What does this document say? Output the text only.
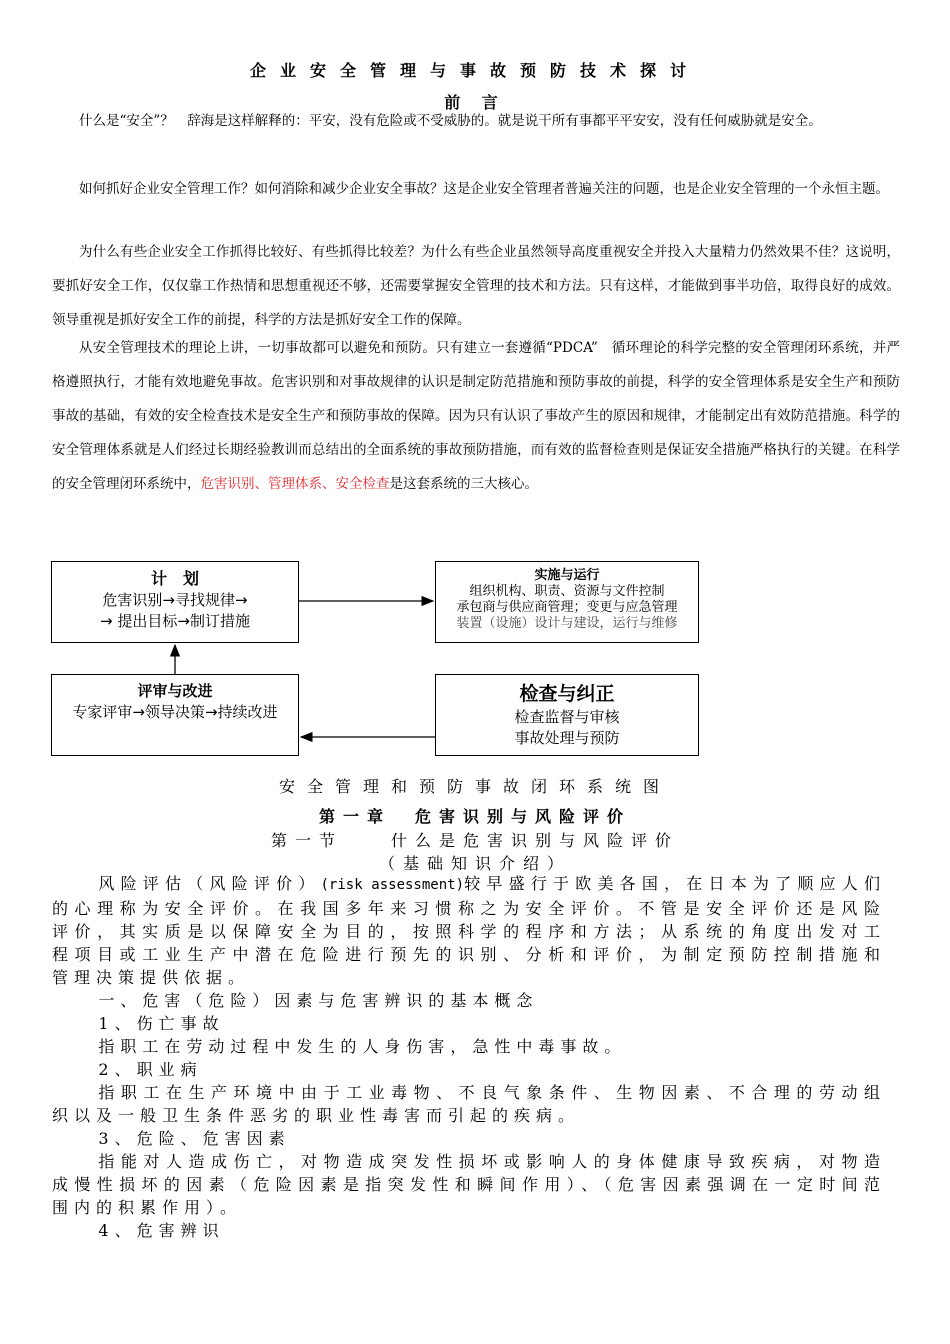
企业安全管理与事故预防技术探讨
前 言

什么是“安全”？　辞海是这样解释的：平安，没有危险或不受威胁的。就是说干所有事都平平安安，没有任何威胁就是安全。

如何抓好企业安全管理工作？如何消除和减少企业安全事故？这是企业安全管理者普遍关注的问题，也是企业安全管理的一个永恒主题。

为什么有些企业安全工作抓得比较好、有些抓得比较差？为什么有些企业虽然领导高度重视安全并投入大量精力仍然效果不佳？这说明，要抓好安全工作，仅仅靠工作热情和思想重视还不够，还需要掌握安全管理的技术和方法。只有这样，才能做到事半功倍，取得良好的成效。领导重视是抓好安全工作的前提，科学的方法是抓好安全工作的保障。

从安全管理技术的理论上讲，一切事故都可以避免和预防。只有建立一套遵循“PDCA”　循环理论的科学完整的安全管理闭环系统，并严格遵照执行，才能有效地避免事故。危害识别和对事故规律的认识是制定防范措施和预防事故的前提，科学的安全管理体系是安全生产和预防事故的基础，有效的安全检查技术是安全生产和预防事故的保障。因为只有认识了事故产生的原因和规律，才能制定出有效防范措施。科学的安全管理体系就是人们经过长期经验教训而总结出的全面系统的事故预防措施，而有效的监督检查则是保证安全措施严格执行的关键。在科学的安全管理闭环系统中，危害识别、管理体系、安全检查是这套系统的三大核心。

计　划
危害识别→寻找规律→
→ 提出目标→制订措施
实施与运行
组织机构、职责、资源与文件控制
承包商与供应商管理；变更与应急管理
装置（设施）设计与建设，运行与维修
评审与改进
专家评审→领导决策→持续改进
检查与纠正
检查监督与审核
事故处理与预防
安全管理和预防事故闭环系统图
第一章　危害识别与风险评价
第一节　　什么是危害识别与风险评价
（基础知识介绍）

风险评估（风险评价）(risk assessment)较早盛行于欧美各国，在日本为了顺应人们的心理称为安全评价。在我国多年来习惯称之为安全评价。不管是安全评价还是风险评价，其实质是以保障安全为目的，按照科学的程序和方法；从系统的角度出发对工程项目或工业生产中潜在危险进行预先的识别、分析和评价，为制定预防控制措施和管理决策提供依据。

一、危害（危险）因素与危害辨识的基本概念

1、伤亡事故

指职工在劳动过程中发生的人身伤害，急性中毒事故。

2、职业病

指职工在生产环境中由于工业毒物、不良气象条件、生物因素、不合理的劳动组织以及一般卫生条件恶劣的职业性毒害而引起的疾病。

3、危险、危害因素

指能对人造成伤亡，对物造成突发性损坏或影响人的身体健康导致疾病，对物造成慢性损坏的因素（危险因素是指突发性和瞬间作用）、（危害因素强调在一定时间范围内的积累作用）。

4、危害辨识
